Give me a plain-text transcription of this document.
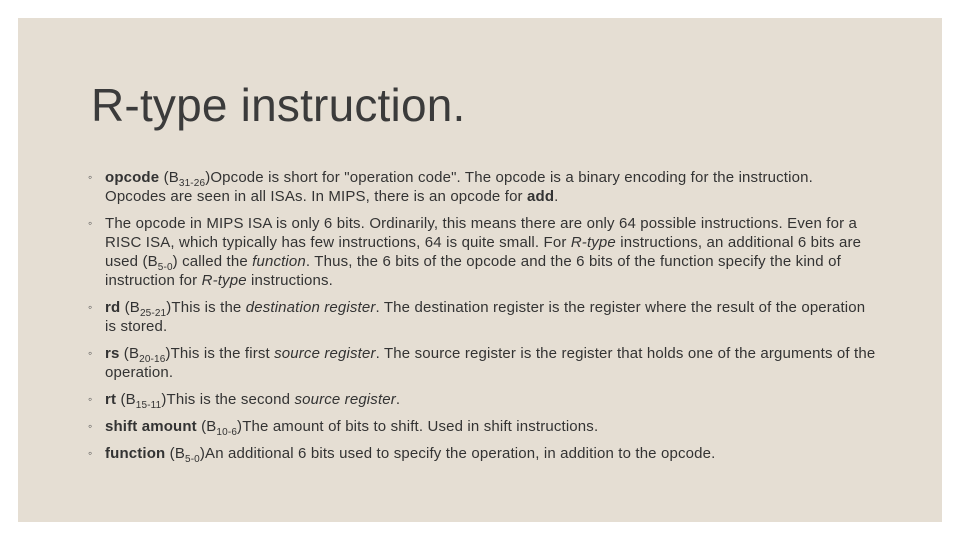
R-type instruction.
◦ opcode $(B_{31-26})Opcode$ is short for "operation code". The opcode is a binary encoding for the instruction. Opcodes are seen in all ISAs. In MIPS, there is an opcode for add.
◦ The opcode in MIPS ISA is only 6 bits. Ordinarily, this means there are only 64 possible instructions. Even for a RISC ISA, which typically has few instructions, 64 is quite small. For R-type instructions, an additional 6 bits are used $(B_{5-0})$ called the function. Thus, the 6 bits of the opcode and the 6 bits of the function specify the kind of instruction for R-type instructions.
◦ rd $(B_{25-21})This$ is the destination register. The destination register is the register where the result of the operation is stored.
◦ rs $(B_{20-16})This$ is the first source register. The source register is the register that holds one of the arguments of the operation.
◦ rt $(B_{15-11})This$ is the second source register.
◦ shift amount $(B_{10-6})The$ amount of bits to shift. Used in shift instructions.
◦ function $(B_{5-0})An$ additional 6 bits used to specify the operation, in addition to the opcode.
